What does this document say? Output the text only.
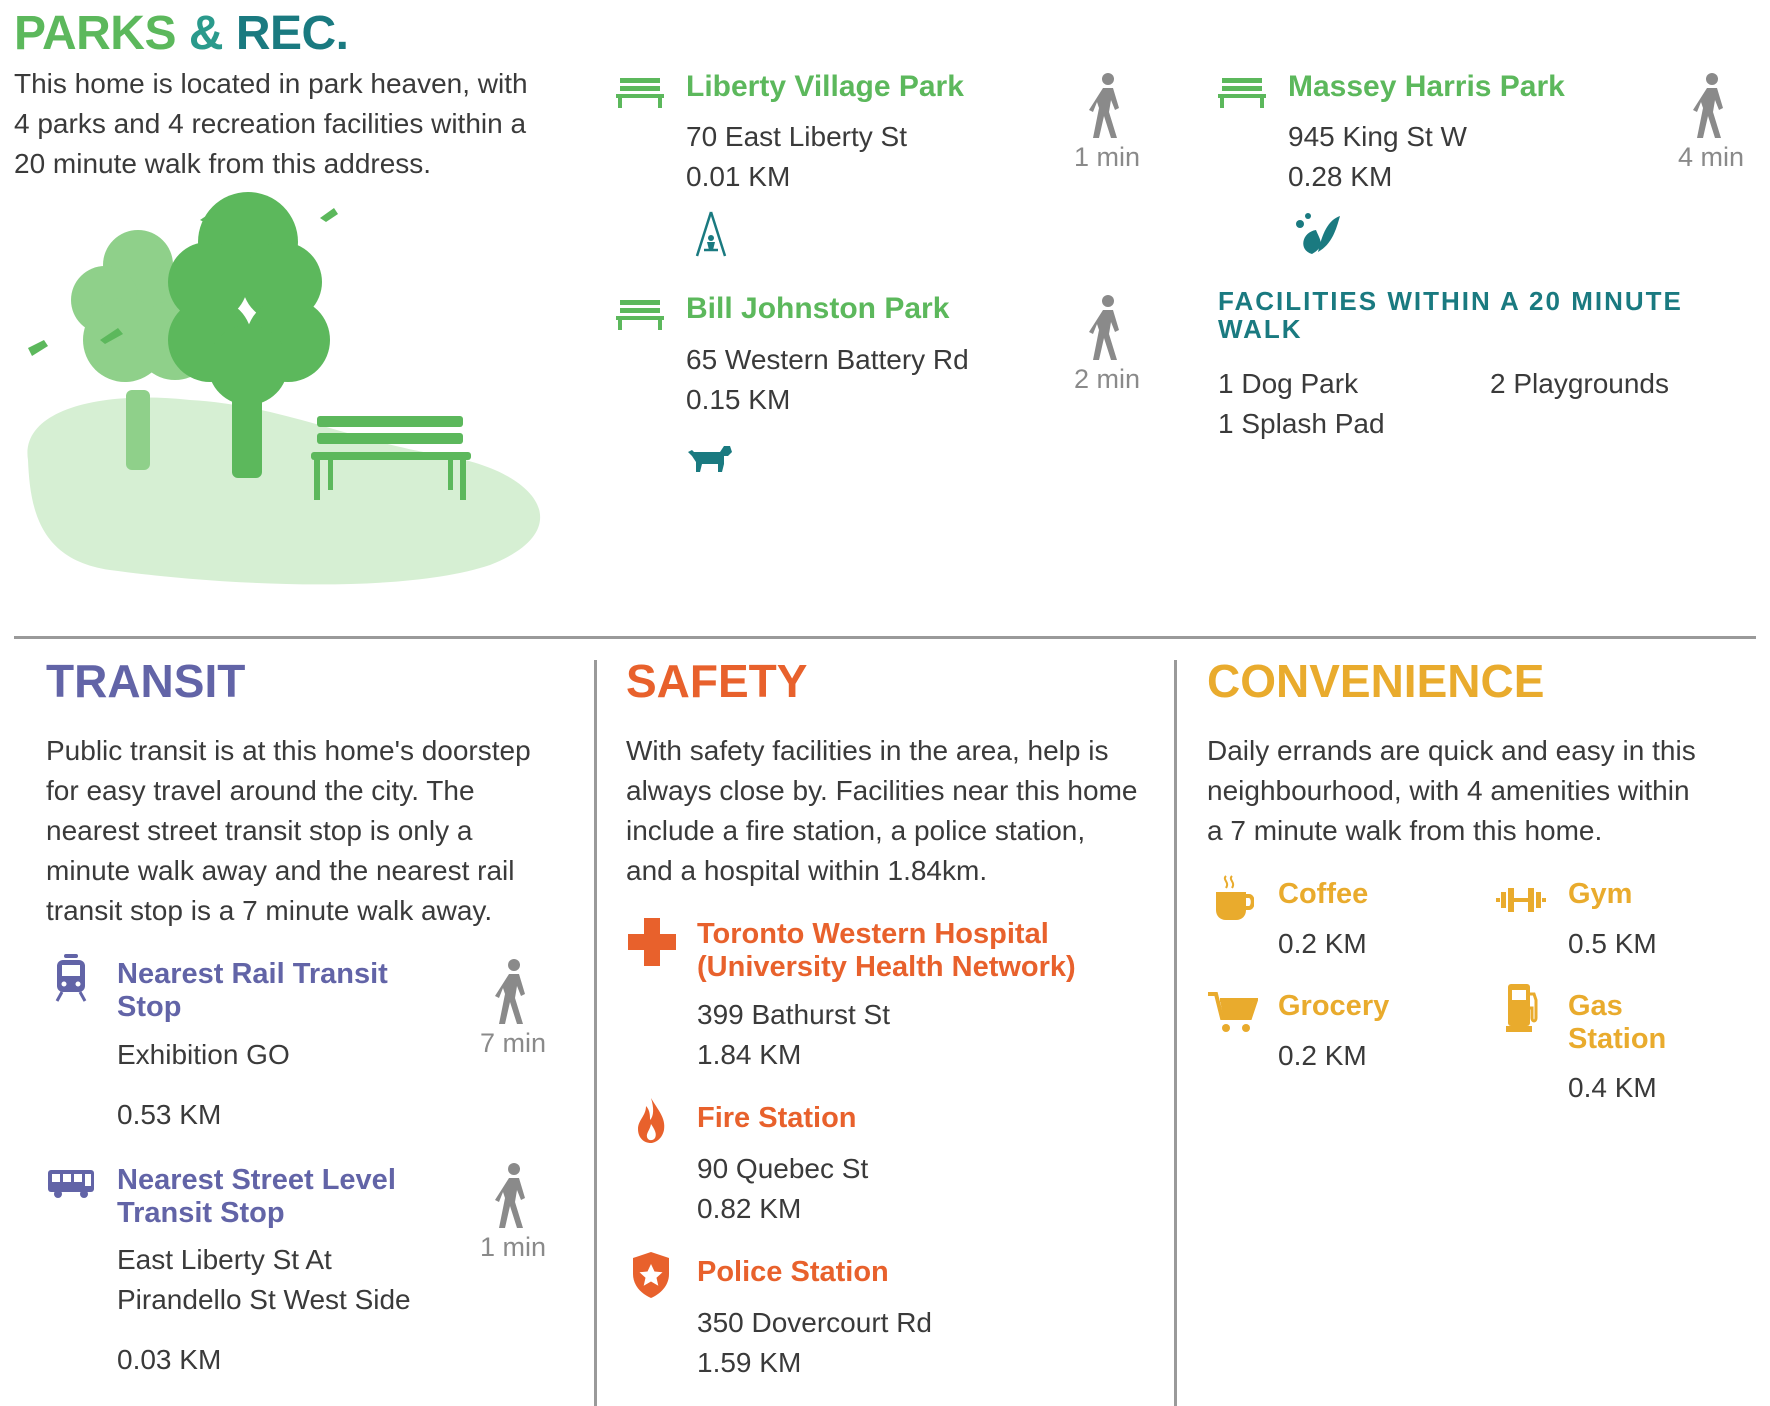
PARKS & REC.
This home is located in park heaven, with
4 parks and 4 recreation facilities within a
20 minute walk from this address.
Liberty Village Park
70 East Liberty St
0.01 KM
1 min
Massey Harris Park
945 King St W
0.28 KM
4 min
Bill Johnston Park
65 Western Battery Rd
0.15 KM
2 min
FACILITIES WITHIN A 20 MINUTE
WALK
1 Dog Park	2 Playgrounds
1 Splash Pad
TRANSIT
Public transit is at this home's doorstep
for easy travel around the city. The
nearest street transit stop is only a
minute walk away and the nearest rail
transit stop is a 7 minute walk away.
Nearest Rail Transit
Stop
Exhibition GO
0.53 KM
7 min
Nearest Street Level
Transit Stop
East Liberty St At
Pirandello St West Side
0.03 KM
1 min
SAFETY
With safety facilities in the area, help is
always close by. Facilities near this home
include a fire station, a police station,
and a hospital within 1.84km.
Toronto Western Hospital
(University Health Network)
399 Bathurst St
1.84 KM
Fire Station
90 Quebec St
0.82 KM
Police Station
350 Dovercourt Rd
1.59 KM
CONVENIENCE
Daily errands are quick and easy in this
neighbourhood, with 4 amenities within
a 7 minute walk from this home.
Coffee
0.2 KM
Gym
0.5 KM
Grocery
0.2 KM
Gas
Station
0.4 KM
